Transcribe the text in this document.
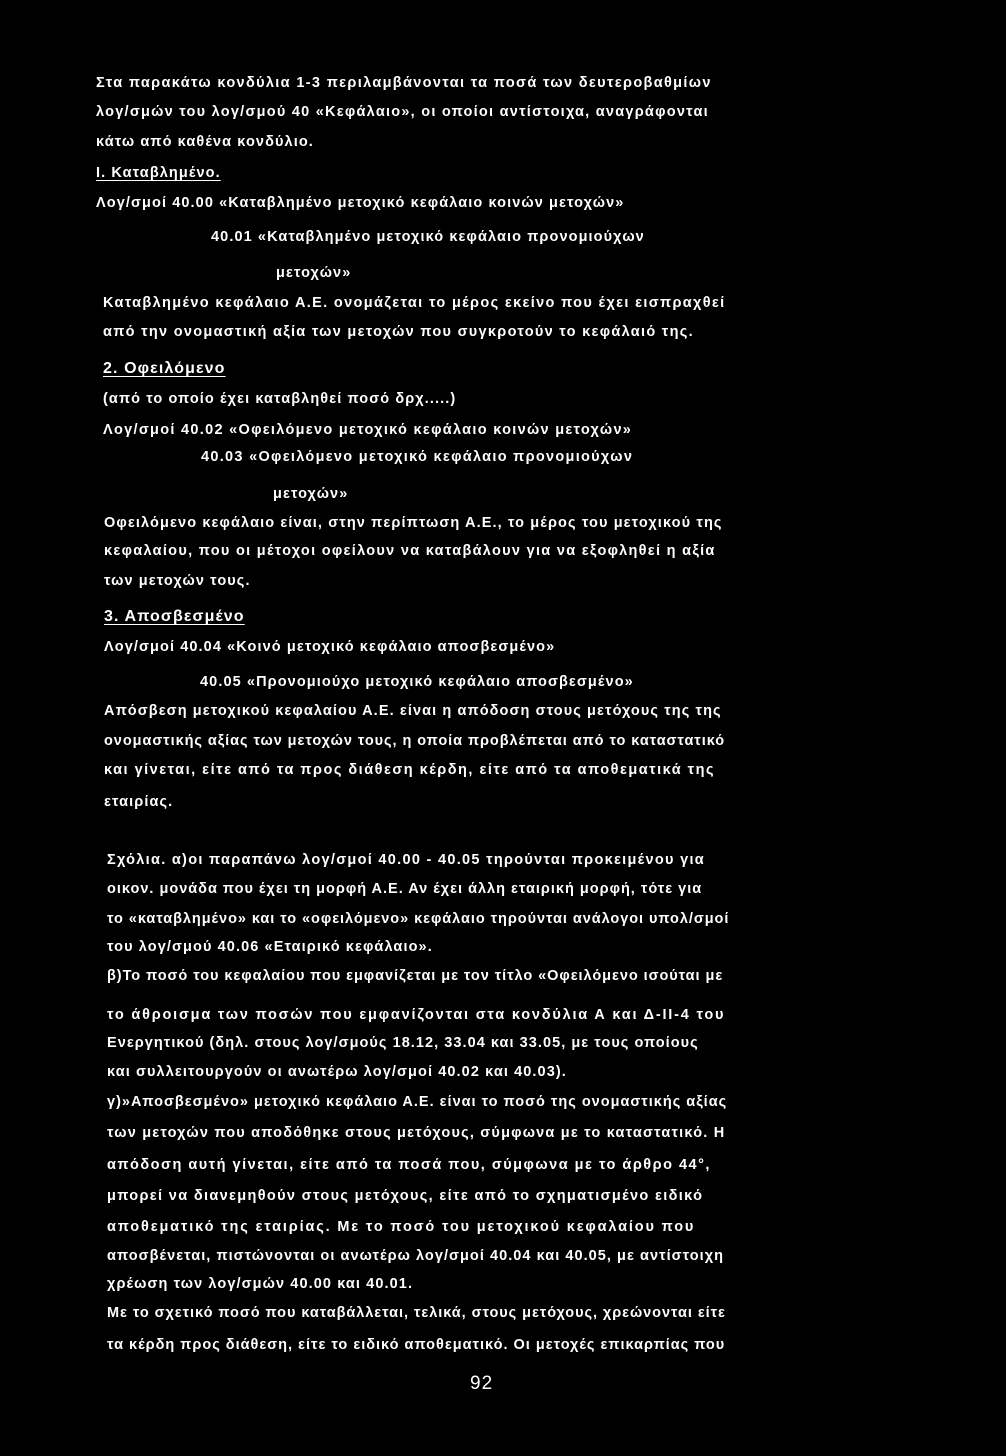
Στα παρακάτω κονδύλια 1-3 περιλαμβάνονται τα ποσά των δευτεροβαθμίων
λογ/σμών του λογ/σμού 40 «Κεφάλαιο», οι οποίοι αντίστοιχα, αναγράφονται
κάτω από καθένα κονδύλιο.
Ι. Καταβλημένο.
Λογ/σμοί 40.00 «Καταβλημένο μετοχικό κεφάλαιο κοινών μετοχών»
40.01 «Καταβλημένο μετοχικό κεφάλαιο προνομιούχων
μετοχών»
Καταβλημένο κεφάλαιο Α.Ε. ονομάζεται το μέρος εκείνο που έχει εισπραχθεί
από την ονομαστική αξία των μετοχών που συγκροτούν το κεφάλαιό της.
2. Οφειλόμενο
(από το οποίο έχει καταβληθεί ποσό δρχ.....)
Λογ/σμοί 40.02 «Οφειλόμενο μετοχικό κεφάλαιο κοινών μετοχών»
40.03 «Οφειλόμενο μετοχικό κεφάλαιο προνομιούχων
μετοχών»
Οφειλόμενο κεφάλαιο είναι, στην περίπτωση Α.Ε., το μέρος του μετοχικού της
κεφαλαίου, που οι μέτοχοι οφείλουν να καταβάλουν για να εξοφληθεί η αξία
των μετοχών τους.
3. Αποσβεσμένο
Λογ/σμοί 40.04 «Κοινό μετοχικό κεφάλαιο αποσβεσμένο»
40.05 «Προνομιούχο μετοχικό κεφάλαιο αποσβεσμένο»
Απόσβεση μετοχικού κεφαλαίου Α.Ε. είναι η απόδοση στους μετόχους της της
ονομαστικής αξίας των μετοχών τους, η οποία προβλέπεται από το καταστατικό
και γίνεται, είτε από τα προς διάθεση κέρδη, είτε από τα αποθεματικά της
εταιρίας.
Σχόλια. α)οι παραπάνω λογ/σμοί 40.00 - 40.05 τηρούνται προκειμένου για
οικον. μονάδα που έχει τη μορφή Α.Ε. Αν έχει άλλη εταιρική μορφή, τότε για
το «καταβλημένο» και το «οφειλόμενο» κεφάλαιο τηρούνται ανάλογοι υπολ/σμοί
του λογ/σμού 40.06 «Εταιρικό κεφάλαιο».
β)Το ποσό του κεφαλαίου που εμφανίζεται με τον τίτλο «Οφειλόμενο ισούται με
το άθροισμα των ποσών που εμφανίζονται στα κονδύλια Α και Δ-ΙΙ-4 του
Ενεργητικού (δηλ. στους λογ/σμούς 18.12, 33.04 και 33.05, με τους οποίους
και συλλειτουργούν οι ανωτέρω λογ/σμοί 40.02 και 40.03).
γ)»Αποσβεσμένο» μετοχικό κεφάλαιο Α.Ε. είναι το ποσό της ονομαστικής αξίας
των μετοχών που αποδόθηκε στους μετόχους, σύμφωνα με το καταστατικό. Η
απόδοση αυτή γίνεται, είτε από τα ποσά που, σύμφωνα με το άρθρο 44°,
μπορεί να διανεμηθούν στους μετόχους, είτε από το σχηματισμένο ειδικό
αποθεματικό της εταιρίας. Με το ποσό του μετοχικού κεφαλαίου που
αποσβένεται, πιστώνονται οι ανωτέρω λογ/σμοί 40.04 και 40.05, με αντίστοιχη
χρέωση των λογ/σμών 40.00 και 40.01.
Με το σχετικό ποσό που καταβάλλεται, τελικά, στους μετόχους, χρεώνονται είτε
τα κέρδη προς διάθεση, είτε το ειδικό αποθεματικό. Οι μετοχές επικαρπίας που
92
